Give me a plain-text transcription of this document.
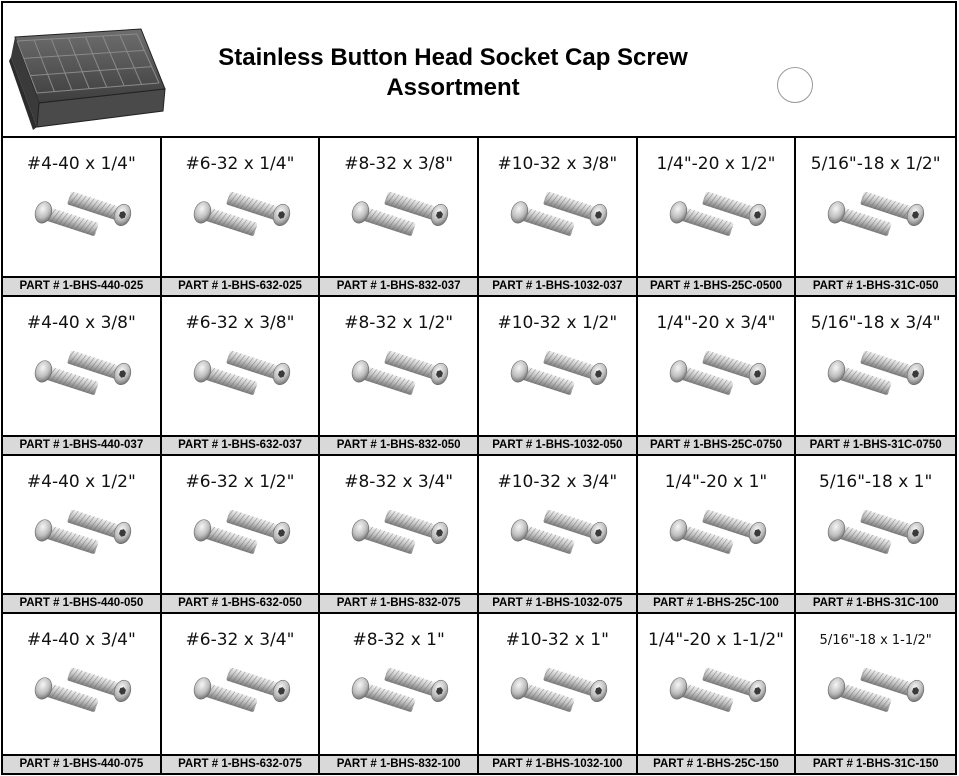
Stainless Button Head Socket Cap Screw
Assortment
#4-40 x 1/4"
PART # 1-BHS-440-025
#6-32 x 1/4"
PART # 1-BHS-632-025
#8-32 x 3/8"
PART # 1-BHS-832-037
#10-32 x 3/8"
PART # 1-BHS-1032-037
1/4"-20 x 1/2"
PART # 1-BHS-25C-0500
5/16"-18 x 1/2"
PART # 1-BHS-31C-050
#4-40 x 3/8"
PART # 1-BHS-440-037
#6-32 x 3/8"
PART # 1-BHS-632-037
#8-32 x 1/2"
PART # 1-BHS-832-050
#10-32 x 1/2"
PART # 1-BHS-1032-050
1/4"-20 x 3/4"
PART # 1-BHS-25C-0750
5/16"-18 x 3/4"
PART # 1-BHS-31C-0750
#4-40 x 1/2"
PART # 1-BHS-440-050
#6-32 x 1/2"
PART # 1-BHS-632-050
#8-32 x 3/4"
PART # 1-BHS-832-075
#10-32 x 3/4"
PART # 1-BHS-1032-075
1/4"-20 x 1"
PART # 1-BHS-25C-100
5/16"-18 x 1"
PART # 1-BHS-31C-100
#4-40 x 3/4"
PART # 1-BHS-440-075
#6-32 x 3/4"
PART # 1-BHS-632-075
#8-32 x 1"
PART # 1-BHS-832-100
#10-32 x 1"
PART # 1-BHS-1032-100
1/4"-20 x 1-1/2"
PART # 1-BHS-25C-150
5/16"-18 x 1-1/2"
PART # 1-BHS-31C-150
